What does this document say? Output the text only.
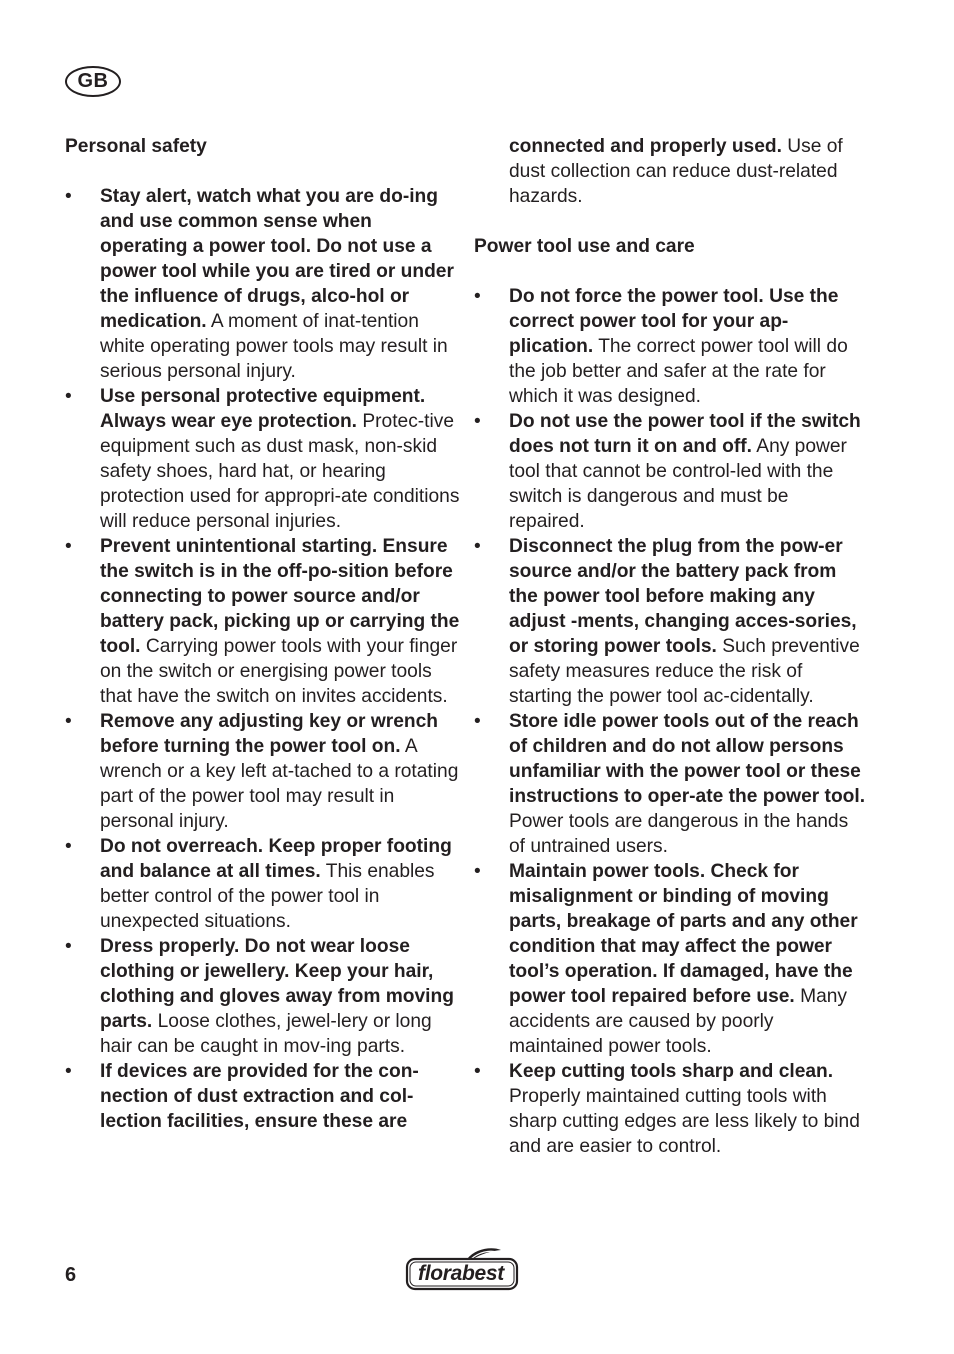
GB

Personal safety

• Stay alert, watch what you are do-ing and use common sense when operating a power tool. Do not use a power tool while you are tired or under the influence of drugs, alco-hol or medication. A moment of inat-tention white operating power tools may result in serious personal injury.
• Use personal protective equipment. Always wear eye protection. Protec-tive equipment such as dust mask, non-skid safety shoes, hard hat, or hearing protection used for appropri-ate conditions will reduce personal injuries.
• Prevent unintentional starting. Ensure the switch is in the off-po-sition before connecting to power source and/or battery pack, picking up or carrying the tool. Carrying power tools with your finger on the switch or energising power tools that have the switch on invites accidents.
• Remove any adjusting key or wrench before turning the power tool on. A wrench or a key left at-tached to a rotating part of the power tool may result in personal injury.
• Do not overreach. Keep proper footing and balance at all times. This enables better control of the power tool in unexpected situations.
• Dress properly. Do not wear loose clothing or jewellery. Keep your hair, clothing and gloves away from moving parts. Loose clothes, jewel-lery or long hair can be caught in mov-ing parts.
• If devices are provided for the con-nection of dust extraction and col-lection facilities, ensure these are

connected and properly used. Use of dust collection can reduce dust-related hazards.

Power tool use and care

• Do not force the power tool. Use the correct power tool for your ap-plication. The correct power tool will do the job better and safer at the rate for which it was designed.
• Do not use the power tool if the switch does not turn it on and off. Any power tool that cannot be control-led with the switch is dangerous and must be repaired.
• Disconnect the plug from the pow-er source and/or the battery pack from the power tool before making any adjust -ments, changing acces-sories, or storing power tools. Such preventive safety measures reduce the risk of starting the power tool ac-cidentally.
• Store idle power tools out of the reach of children and do not allow persons unfamiliar with the power tool or these instructions to oper-ate the power tool. Power tools are dangerous in the hands of untrained users.
• Maintain power tools. Check for misalignment or binding of moving parts, breakage of parts and any other condition that may affect the power tool’s operation. If damaged, have the power tool repaired before use. Many accidents are caused by poorly maintained power tools.
• Keep cutting tools sharp and clean. Properly maintained cutting tools with sharp cutting edges are less likely to bind and are easier to control.
6	florabest
